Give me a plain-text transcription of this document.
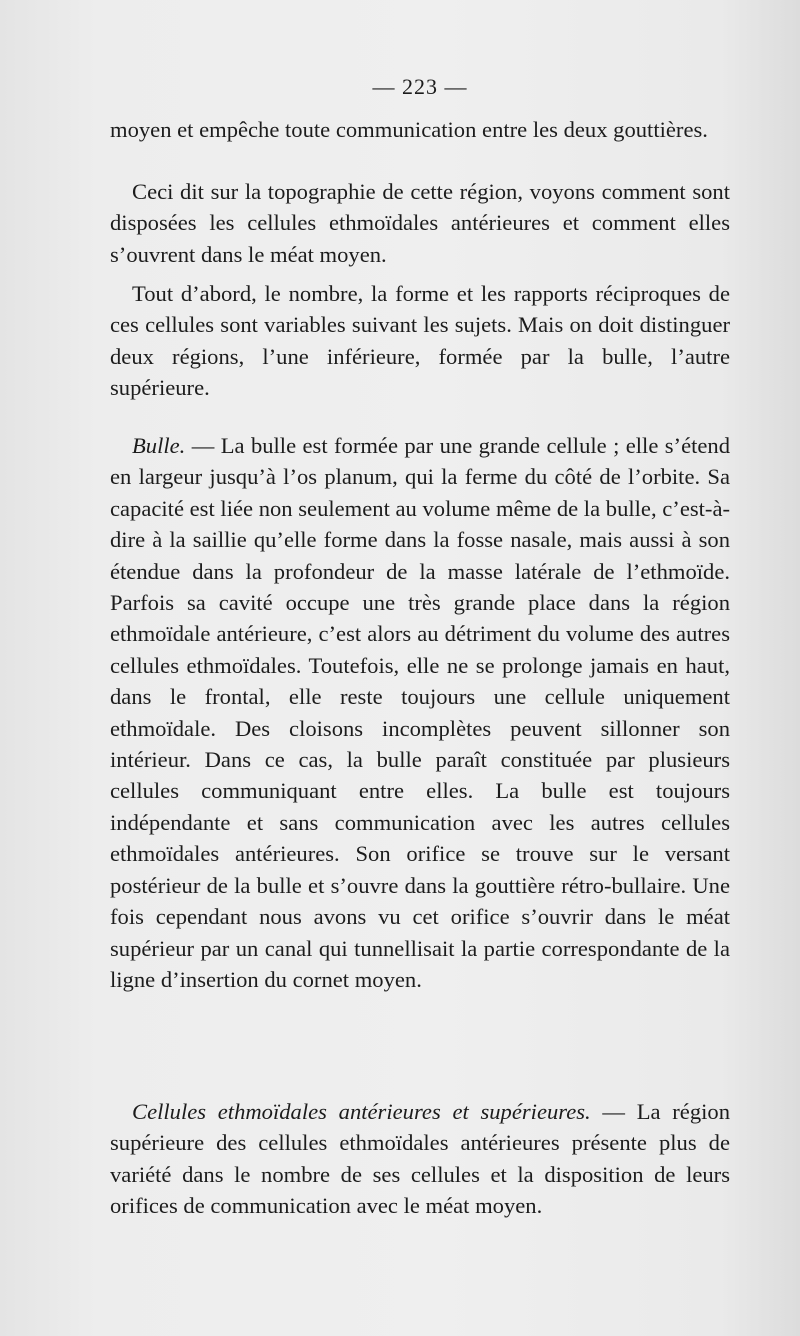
— 223 —

moyen et empêche toute communication entre les deux gouttières.

Ceci dit sur la topographie de cette région, voyons comment sont disposées les cellules ethmoïdales antérieures et comment elles s’ouvrent dans le méat moyen.

Tout d’abord, le nombre, la forme et les rapports réciproques de ces cellules sont variables suivant les sujets. Mais on doit distinguer deux régions, l’une inférieure, formée par la bulle, l’autre supérieure.

Bulle. — La bulle est formée par une grande cellule ; elle s’étend en largeur jusqu’à l’os planum, qui la ferme du côté de l’orbite. Sa capacité est liée non seulement au volume même de la bulle, c’est-à-dire à la saillie qu’elle forme dans la fosse nasale, mais aussi à son étendue dans la profondeur de la masse latérale de l’ethmoïde. Parfois sa cavité occupe une très grande place dans la région ethmoïdale antérieure, c’est alors au détriment du volume des autres cellules ethmoïdales. Toutefois, elle ne se prolonge jamais en haut, dans le frontal, elle reste toujours une cellule uniquement ethmoïdale. Des cloisons incomplètes peuvent sillonner son intérieur. Dans ce cas, la bulle paraît constituée par plusieurs cellules communiquant entre elles. La bulle est toujours indépendante et sans communication avec les autres cellules ethmoïdales antérieures. Son orifice se trouve sur le versant postérieur de la bulle et s’ouvre dans la gouttière rétro-bullaire. Une fois cependant nous avons vu cet orifice s’ouvrir dans le méat supérieur par un canal qui tunnellisait la partie correspondante de la ligne d’insertion du cornet moyen.

Cellules ethmoïdales antérieures et supérieures. — La région supérieure des cellules ethmoïdales antérieures présente plus de variété dans le nombre de ses cellules et la disposition de leurs orifices de communication avec le méat moyen.
